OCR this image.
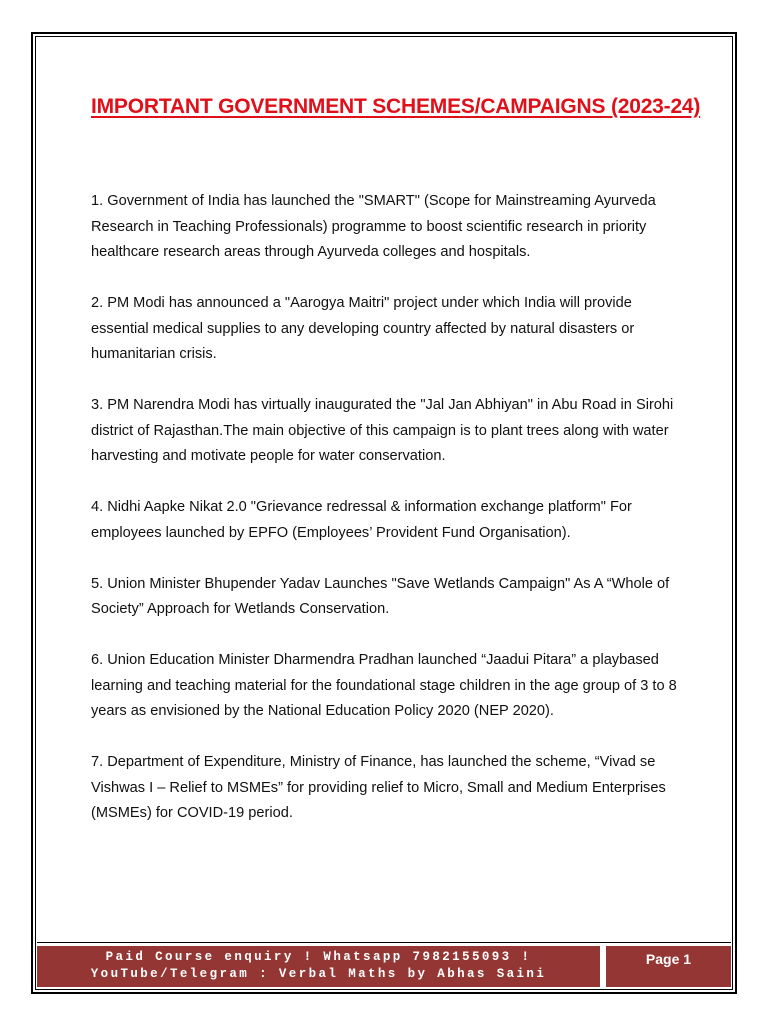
IMPORTANT GOVERNMENT SCHEMES/CAMPAIGNS (2023-24)

1. Government of India has launched the "SMART" (Scope for Mainstreaming Ayurveda Research in Teaching Professionals) programme to boost scientific research in priority healthcare research areas through Ayurveda colleges and hospitals.

2. PM Modi has announced a "Aarogya Maitri" project under which India will provide essential medical supplies to any developing country affected by natural disasters or humanitarian crisis.

3. PM Narendra Modi has virtually inaugurated the "Jal Jan Abhiyan" in Abu Road in Sirohi district of Rajasthan.The main objective of this campaign is to plant trees along with water harvesting and motivate people for water conservation.

4. Nidhi Aapke Nikat 2.0 "Grievance redressal & information exchange platform" For employees launched by EPFO (Employees’ Provident Fund Organisation).

5. Union Minister Bhupender Yadav Launches "Save Wetlands Campaign" As A “Whole of Society” Approach for Wetlands Conservation.

6. Union Education Minister Dharmendra Pradhan launched “Jaadui Pitara” a playbased learning and teaching material for the foundational stage children in the age group of 3 to 8 years as envisioned by the National Education Policy 2020 (NEP 2020).

7. Department of Expenditure, Ministry of Finance, has launched the scheme, “Vivad se Vishwas I – Relief to MSMEs” for providing relief to Micro, Small and Medium Enterprises (MSMEs) for COVID-19 period.

Paid Course enquiry ! Whatsapp 7982155093 !
YouTube/Telegram : Verbal Maths by Abhas Saini
Page 1
